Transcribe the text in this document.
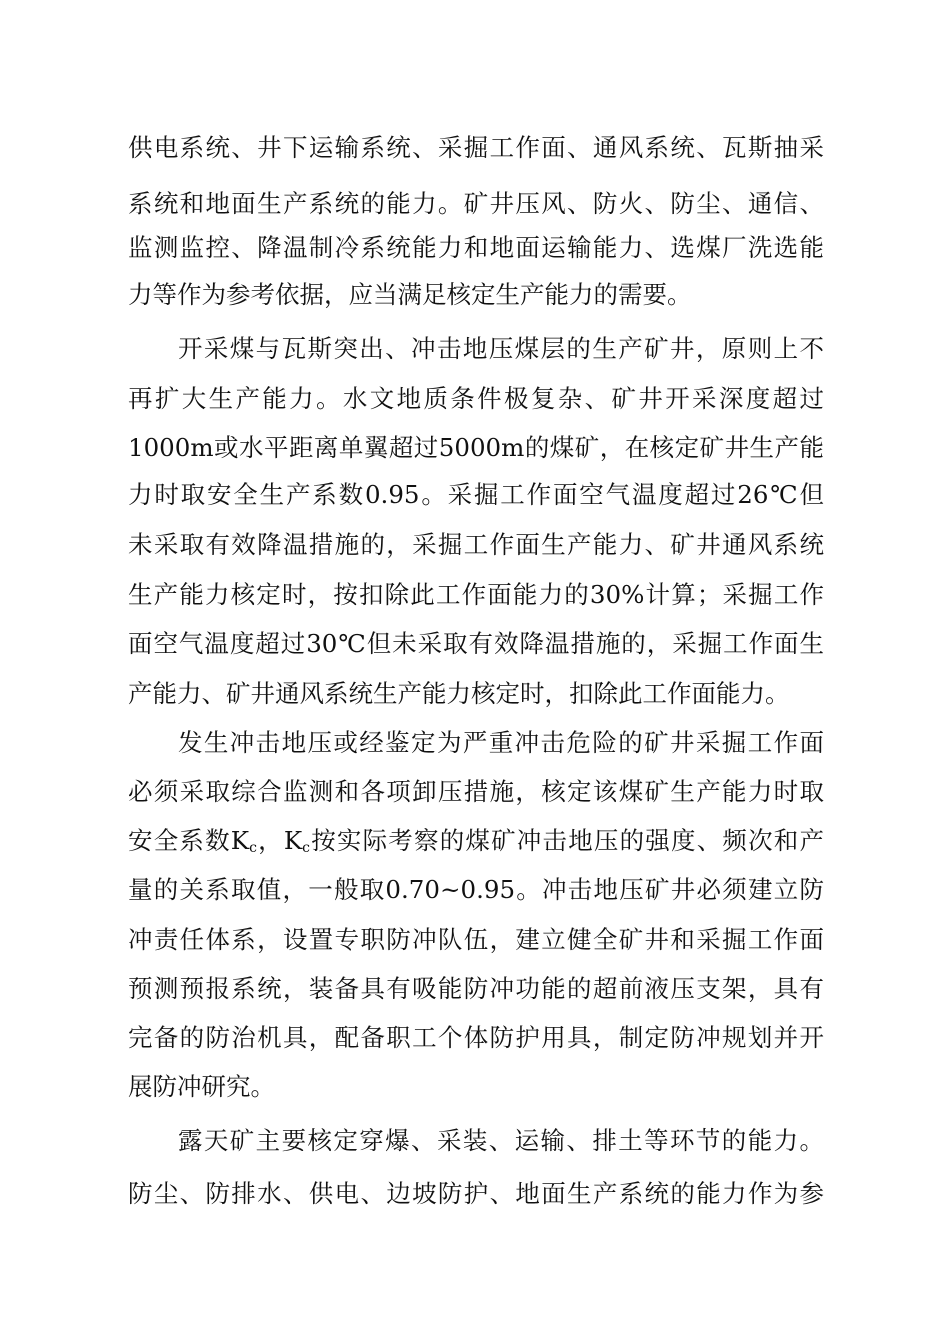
供电系统、井下运输系统、采掘工作面、通风系统、瓦斯抽采
系统和地面生产系统的能力。矿井压风、防火、防尘、通信、
监测监控、降温制冷系统能力和地面运输能力、选煤厂洗选能
力等作为参考依据，应当满足核定生产能力的需要。
开采煤与瓦斯突出、冲击地压煤层的生产矿井，原则上不
再扩大生产能力。水文地质条件极复杂、矿井开采深度超过
1000m或水平距离单翼超过5000m的煤矿，在核定矿井生产能
力时取安全生产系数0.95。采掘工作面空气温度超过26℃但
未采取有效降温措施的，采掘工作面生产能力、矿井通风系统
生产能力核定时，按扣除此工作面能力的30%计算；采掘工作
面空气温度超过30℃但未采取有效降温措施的，采掘工作面生
产能力、矿井通风系统生产能力核定时，扣除此工作面能力。
发生冲击地压或经鉴定为严重冲击危险的矿井采掘工作面
必须采取综合监测和各项卸压措施，核定该煤矿生产能力时取
安全系数$K_c$，$K_c$按实际考察的煤矿冲击地压的强度、频次和产
量的关系取值，一般取0.70~0.95。冲击地压矿井必须建立防
冲责任体系，设置专职防冲队伍，建立健全矿井和采掘工作面
预测预报系统，装备具有吸能防冲功能的超前液压支架，具有
完备的防治机具，配备职工个体防护用具，制定防冲规划并开
展防冲研究。
露天矿主要核定穿爆、采装、运输、排土等环节的能力。
防尘、防排水、供电、边坡防护、地面生产系统的能力作为参
